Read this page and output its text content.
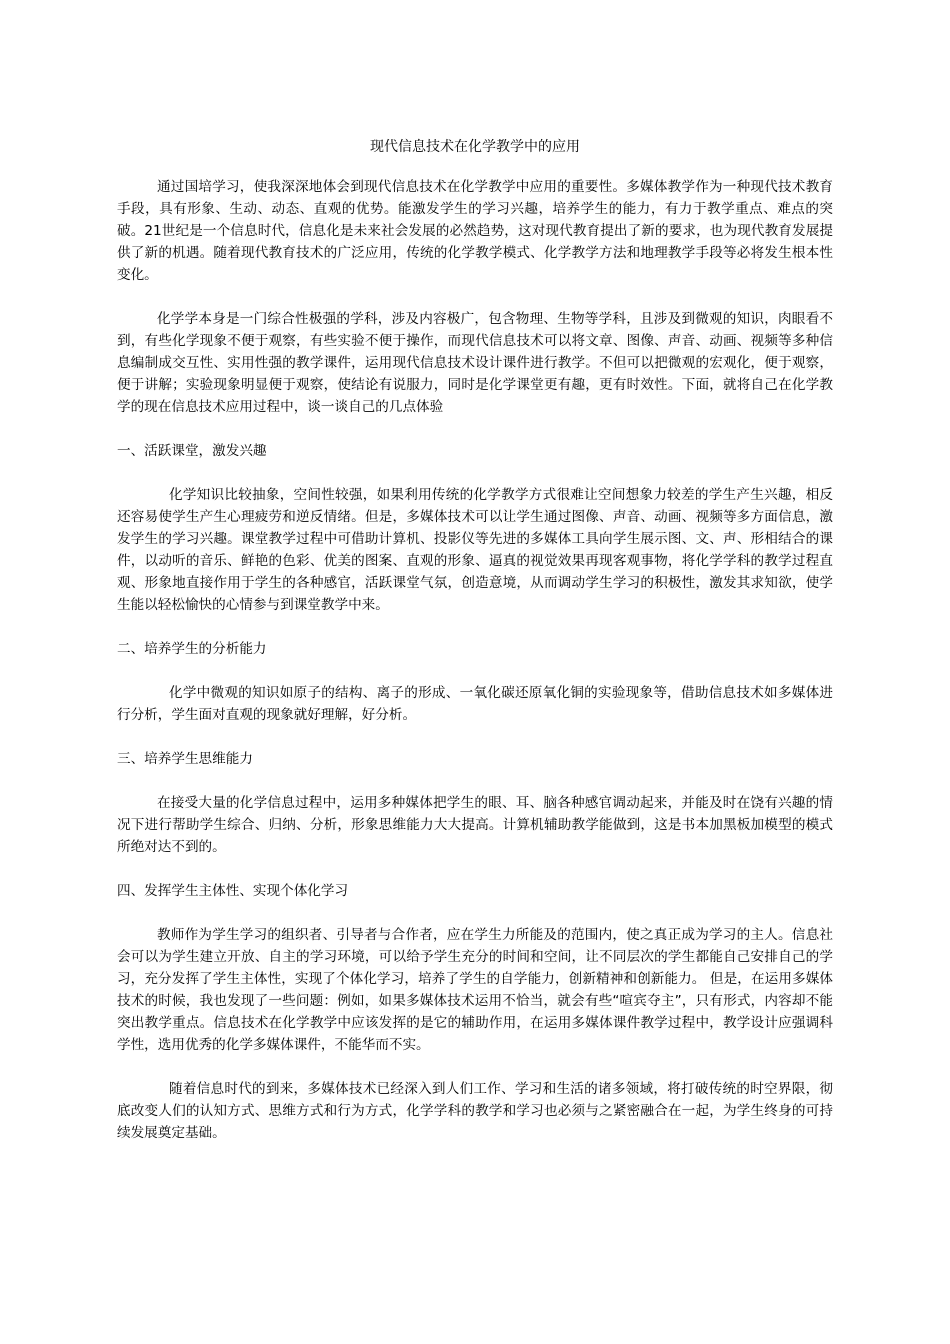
现代信息技术在化学教学中的应用

通过国培学习，使我深深地体会到现代信息技术在化学教学中应用的重要性。多媒体教学作为一种现代技术教育手段，具有形象、生动、动态、直观的优势。能激发学生的学习兴趣，培养学生的能力，有力于教学重点、难点的突破。21世纪是一个信息时代，信息化是未来社会发展的必然趋势，这对现代教育提出了新的要求，也为现代教育发展提供了新的机遇。随着现代教育技术的广泛应用，传统的化学教学模式、化学教学方法和地理教学手段等必将发生根本性变化。

化学学本身是一门综合性极强的学科，涉及内容极广，包含物理、生物等学科，且涉及到微观的知识，肉眼看不到，有些化学现象不便于观察，有些实验不便于操作，而现代信息技术可以将文章、图像、声音、动画、视频等多种信息编制成交互性、实用性强的教学课件，运用现代信息技术设计课件进行教学。不但可以把微观的宏观化，便于观察，便于讲解；实验现象明显便于观察，使结论有说服力，同时是化学课堂更有趣，更有时效性。下面，就将自己在化学教学的现在信息技术应用过程中，谈一谈自己的几点体验

一、活跃课堂，激发兴趣

化学知识比较抽象，空间性较强，如果利用传统的化学教学方式很难让空间想象力较差的学生产生兴趣，相反还容易使学生产生心理疲劳和逆反情绪。但是，多媒体技术可以让学生通过图像、声音、动画、视频等多方面信息，激发学生的学习兴趣。课堂教学过程中可借助计算机、投影仪等先进的多媒体工具向学生展示图、文、声、形相结合的课件，以动听的音乐、鲜艳的色彩、优美的图案、直观的形象、逼真的视觉效果再现客观事物，将化学学科的教学过程直观、形象地直接作用于学生的各种感官，活跃课堂气氛，创造意境，从而调动学生学习的积极性，激发其求知欲，使学生能以轻松愉快的心情参与到课堂教学中来。

二、培养学生的分析能力

化学中微观的知识如原子的结构、离子的形成、一氧化碳还原氧化铜的实验现象等，借助信息技术如多媒体进行分析，学生面对直观的现象就好理解，好分析。

三、培养学生思维能力

在接受大量的化学信息过程中，运用多种媒体把学生的眼、耳、脑各种感官调动起来，并能及时在饶有兴趣的情况下进行帮助学生综合、归纳、分析，形象思维能力大大提高。计算机辅助教学能做到，这是书本加黑板加模型的模式所绝对达不到的。

四、发挥学生主体性、实现个体化学习

教师作为学生学习的组织者、引导者与合作者，应在学生力所能及的范围内，使之真正成为学习的主人。信息社会可以为学生建立开放、自主的学习环境，可以给予学生充分的时间和空间，让不同层次的学生都能自己安排自己的学习，充分发挥了学生主体性，实现了个体化学习，培养了学生的自学能力，创新精神和创新能力。 但是，在运用多媒体技术的时候，我也发现了一些问题：例如，如果多媒体技术运用不恰当，就会有些“喧宾夺主”，只有形式，内容却不能突出教学重点。信息技术在化学教学中应该发挥的是它的辅助作用，在运用多媒体课件教学过程中，教学设计应强调科学性，选用优秀的化学多媒体课件，不能华而不实。

随着信息时代的到来，多媒体技术已经深入到人们工作、学习和生活的诸多领域，将打破传统的时空界限，彻底改变人们的认知方式、思维方式和行为方式，化学学科的教学和学习也必须与之紧密融合在一起，为学生终身的可持续发展奠定基础。
